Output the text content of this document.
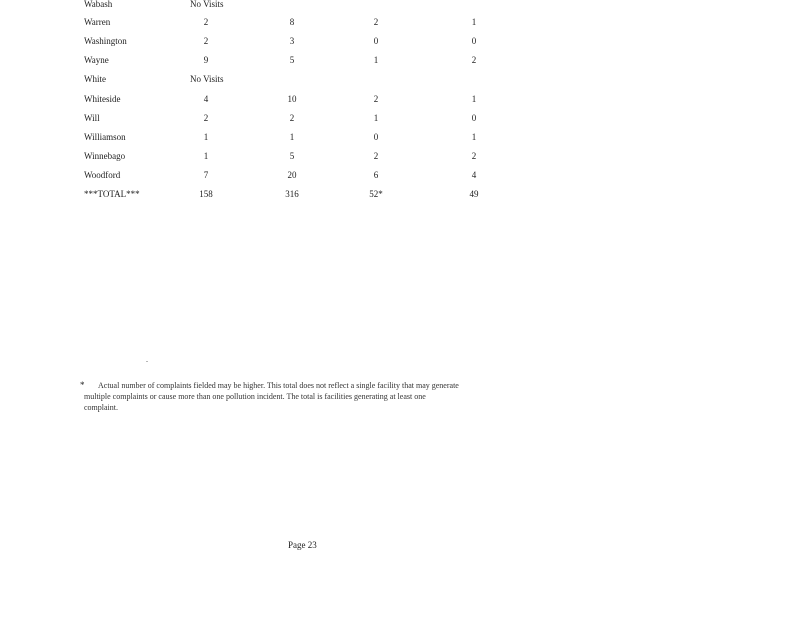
Wabash	No Visits
Warren	2	8	2	1
Washington	2	3	0	0
Wayne	9	5	1	2
White	No Visits
Whiteside	4	10	2	1
Will	2	2	1	0
Williamson	1	1	0	1
Winnebago	1	5	2	2
Woodford	7	20	6	4
***TOTAL***	158	316	52*	49
.
* Actual number of complaints fielded may be higher. This total does not reflect a single facility that may generate
multiple complaints or cause more than one pollution incident. The total is facilities generating at least one
complaint.
Page 23
